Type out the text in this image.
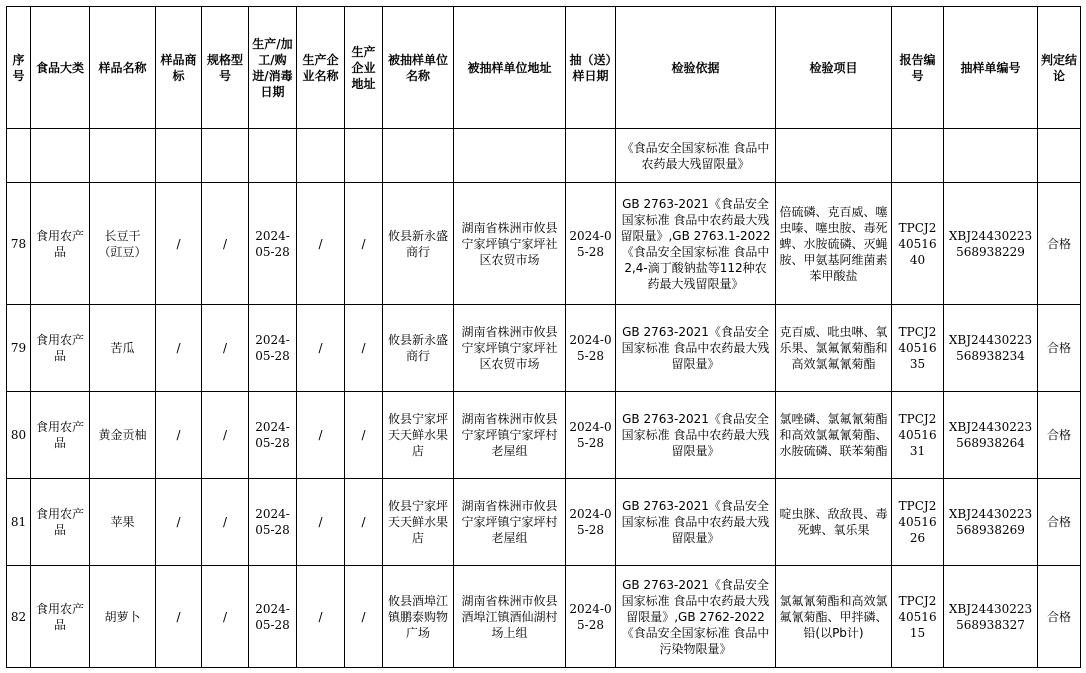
序号	食品大类	样品名称	样品商标	规格型号	生产/加工/购进/消毒日期	生产企业名称	生产企业地址	被抽样单位名称	被抽样单位地址	抽（送）样日期	检验依据	检验项目	报告编号	抽样单编号	判定结论
											《食品安全国家标准 食品中农药最大残留限量》				
78	食用农产品	长豆干（豇豆）	/	/	2024-05-28	/	/	攸县新永盛商行	湖南省株洲市攸县宁家坪镇宁家坪社区农贸市场	2024-05-28	GB 2763-2021《食品安全国家标准 食品中农药最大残留限量》,GB 2763.1-2022《食品安全国家标准 食品中2,4-滴丁酸钠盐等112种农药最大残留限量》	倍硫磷、克百威、噻虫嗪、噻虫胺、毒死蜱、水胺硫磷、灭蝇胺、甲氨基阿维菌素苯甲酸盐	TPCJ24051640	XBJ24430223568938229	合格
79	食用农产品	苦瓜	/	/	2024-05-28	/	/	攸县新永盛商行	湖南省株洲市攸县宁家坪镇宁家坪社区农贸市场	2024-05-28	GB 2763-2021《食品安全国家标准 食品中农药最大残留限量》	克百威、吡虫啉、氧乐果、氯氟氰菊酯和高效氯氟氰菊酯	TPCJ24051635	XBJ24430223568938234	合格
80	食用农产品	黄金贡柚	/	/	2024-05-28	/	/	攸县宁家坪天天鲜水果店	湖南省株洲市攸县宁家坪镇宁家坪村老屋组	2024-05-28	GB 2763-2021《食品安全国家标准 食品中农药最大残留限量》	氯唑磷、氯氟氰菊酯和高效氯氟氰菊酯、水胺硫磷、联苯菊酯	TPCJ24051631	XBJ24430223568938264	合格
81	食用农产品	苹果	/	/	2024-05-28	/	/	攸县宁家坪天天鲜水果店	湖南省株洲市攸县宁家坪镇宁家坪村老屋组	2024-05-28	GB 2763-2021《食品安全国家标准 食品中农药最大残留限量》	啶虫脒、敌敌畏、毒死蜱、氧乐果	TPCJ24051626	XBJ24430223568938269	合格
82	食用农产品	胡萝卜	/	/	2024-05-28	/	/	攸县酒埠江镇鹏泰购物广场	湖南省株洲市攸县酒埠江镇酒仙湖村场上组	2024-05-28	GB 2763-2021《食品安全国家标准 食品中农药最大残留限量》,GB 2762-2022《食品安全国家标准 食品中污染物限量》	氯氟氰菊酯和高效氯氟氰菊酯、甲拌磷、铅(以Pb计)	TPCJ24051615	XBJ24430223568938327	合格
